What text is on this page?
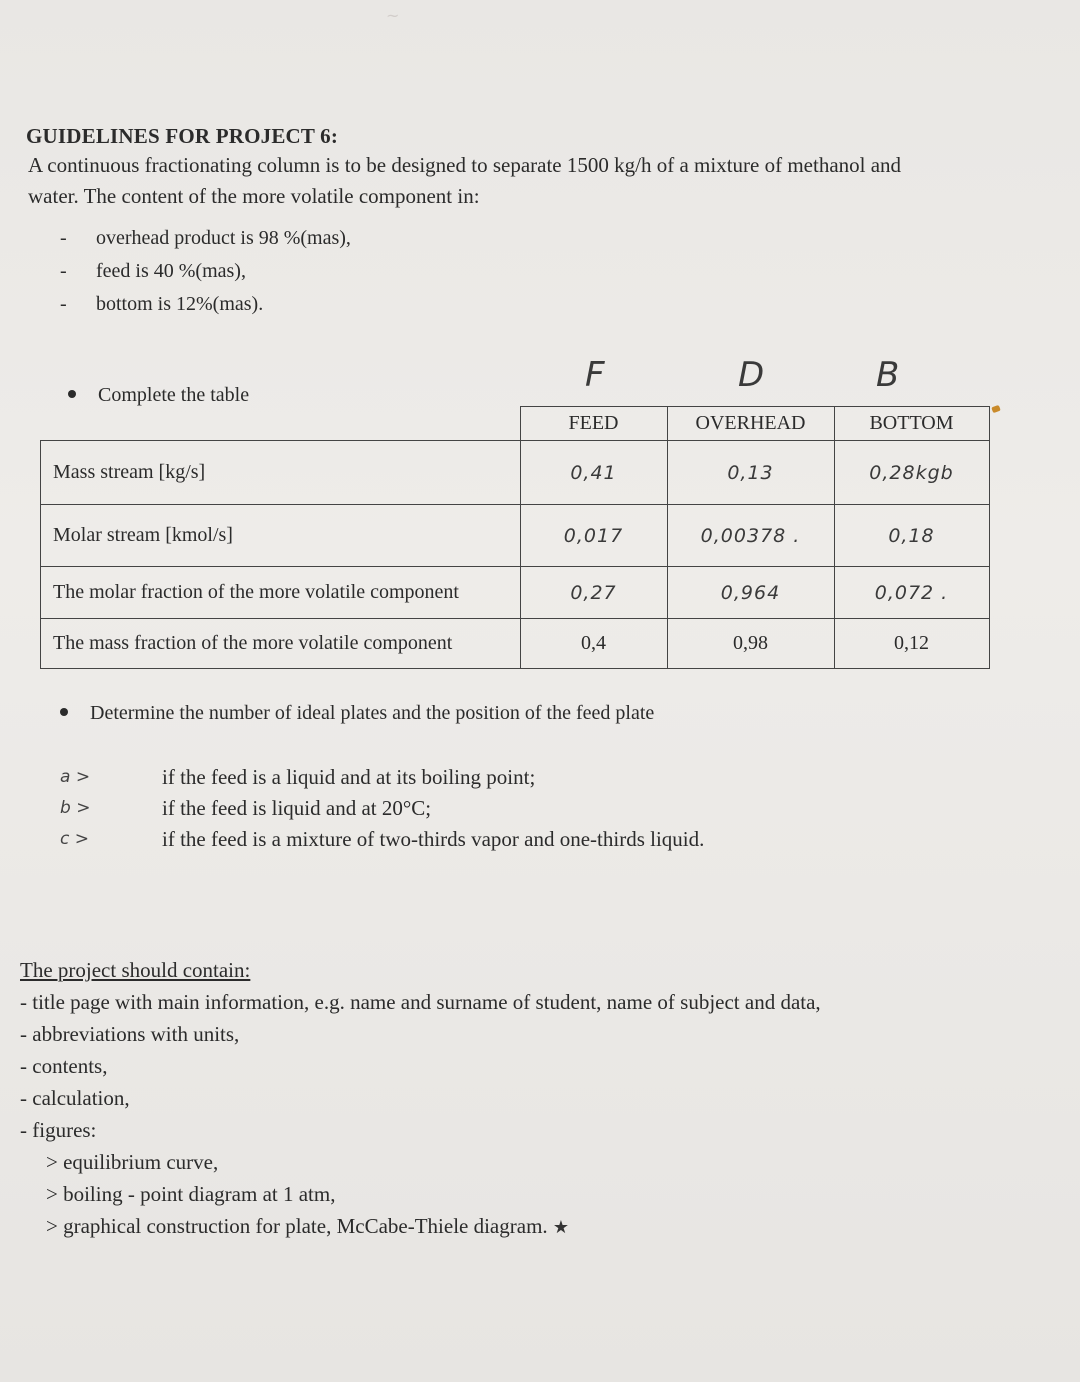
~
GUIDELINES FOR PROJECT 6:
A continuous fractionating column is to be designed to separate 1500 kg/h of a mixture of methanol and water. The content of the more volatile component in:
-	overhead product is 98 %(mas),
-	feed is 40 %(mas),
-	bottom is 12%(mas).
Complete the table	F	D	B
	FEED	OVERHEAD	BOTTOM
Mass stream [kg/s]	0,41	0,13	0,28kgb
Molar stream [kmol/s]	0,017	0,00378 .	0,18
The molar fraction of the more volatile component	0,27	0,964	0,072 .
The mass fraction of the more volatile component	0,4	0,98	0,12
Determine the number of ideal plates and the position of the feed plate
a >	if the feed is a liquid and at its boiling point;
b >	if the feed is liquid and at 20°C;
c >	if the feed is a mixture of two-thirds vapor and one-thirds liquid.
The project should contain:
- title page with main information, e.g. name and surname of student, name of subject and data,
- abbreviations with units,
- contents,
- calculation,
- figures:
> equilibrium curve,
> boiling - point diagram at 1 atm,
> graphical construction for plate, McCabe-Thiele diagram. ★
